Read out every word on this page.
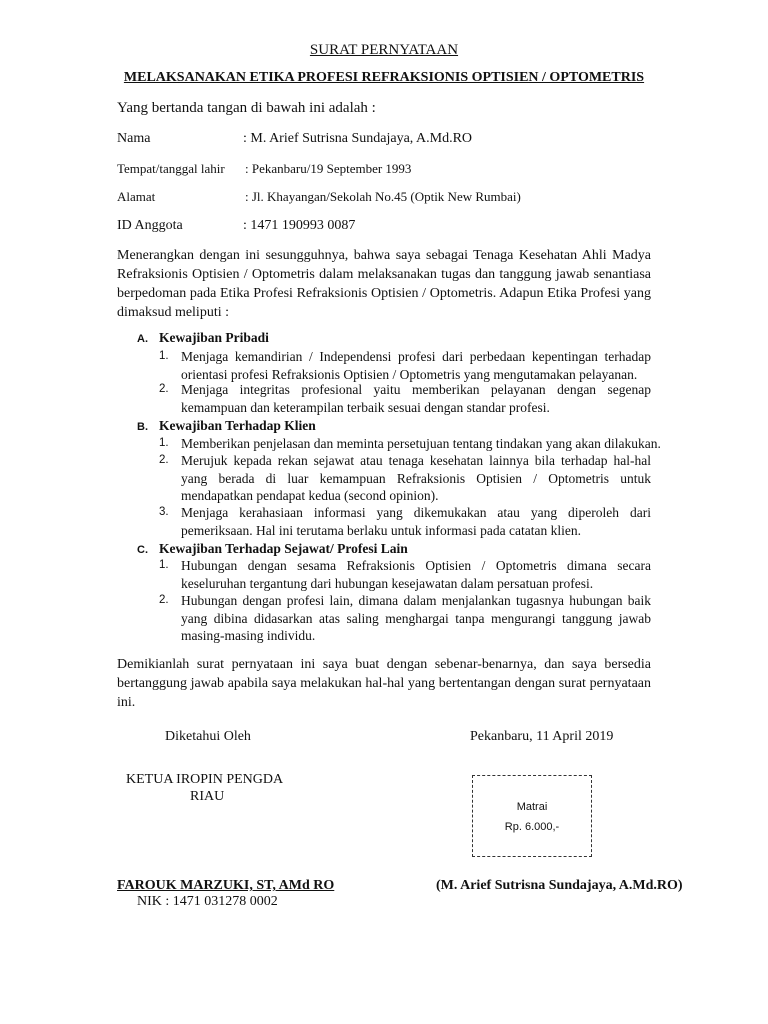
SURAT PERNYATAAN
MELAKSANAKAN ETIKA PROFESI REFRAKSIONIS OPTISIEN / OPTOMETRIS
Yang bertanda tangan di bawah ini adalah :
Nama	: M. Arief Sutrisna Sundajaya, A.Md.RO
Tempat/tanggal lahir : Pekanbaru/19 September 1993
Alamat	: Jl. Khayangan/Sekolah No.45 (Optik New Rumbai)
ID Anggota	: 1471 190993 0087
Menerangkan dengan ini sesungguhnya, bahwa saya sebagai Tenaga Kesehatan Ahli Madya Refraksionis Optisien / Optometris dalam melaksanakan tugas dan tanggung jawab senantiasa berpedoman pada Etika Profesi Refraksionis Optisien / Optometris. Adapun Etika Profesi yang dimaksud meliputi :
A. Kewajiban Pribadi
1. Menjaga kemandirian / Independensi profesi dari perbedaan kepentingan terhadap orientasi profesi Refraksionis Optisien / Optometris yang mengutamakan pelayanan.
2. Menjaga integritas profesional yaitu memberikan pelayanan dengan segenap kemampuan dan keterampilan terbaik sesuai dengan standar profesi.
B. Kewajiban Terhadap Klien
1. Memberikan penjelasan dan meminta persetujuan tentang tindakan yang akan dilakukan.
2. Merujuk kepada rekan sejawat atau tenaga kesehatan lainnya bila terhadap hal-hal yang berada di luar kemampuan Refraksionis Optisien / Optometris untuk mendapatkan pendapat kedua (second opinion).
3. Menjaga kerahasiaan informasi yang dikemukakan atau yang diperoleh dari pemeriksaan. Hal ini terutama berlaku untuk informasi pada catatan klien.
C. Kewajiban Terhadap Sejawat/ Profesi Lain
1. Hubungan dengan sesama Refraksionis Optisien / Optometris dimana secara keseluruhan tergantung dari hubungan kesejawatan dalam persatuan profesi.
2. Hubungan dengan profesi lain, dimana dalam menjalankan tugasnya hubungan baik yang dibina didasarkan atas saling menghargai tanpa mengurangi tanggung jawab masing-masing individu.
Demikianlah surat pernyataan ini saya buat dengan sebenar-benarnya, dan saya bersedia bertanggung jawab apabila saya melakukan hal-hal yang bertentangan dengan surat pernyataan ini.
Diketahui Oleh	Pekanbaru, 11 April 2019
KETUA IROPIN PENGDA
RIAU
Matrai
Rp. 6.000,-
FAROUK MARZUKI, ST, AMd RO
NIK : 1471 031278 0002
(M. Arief Sutrisna Sundajaya, A.Md.RO)
